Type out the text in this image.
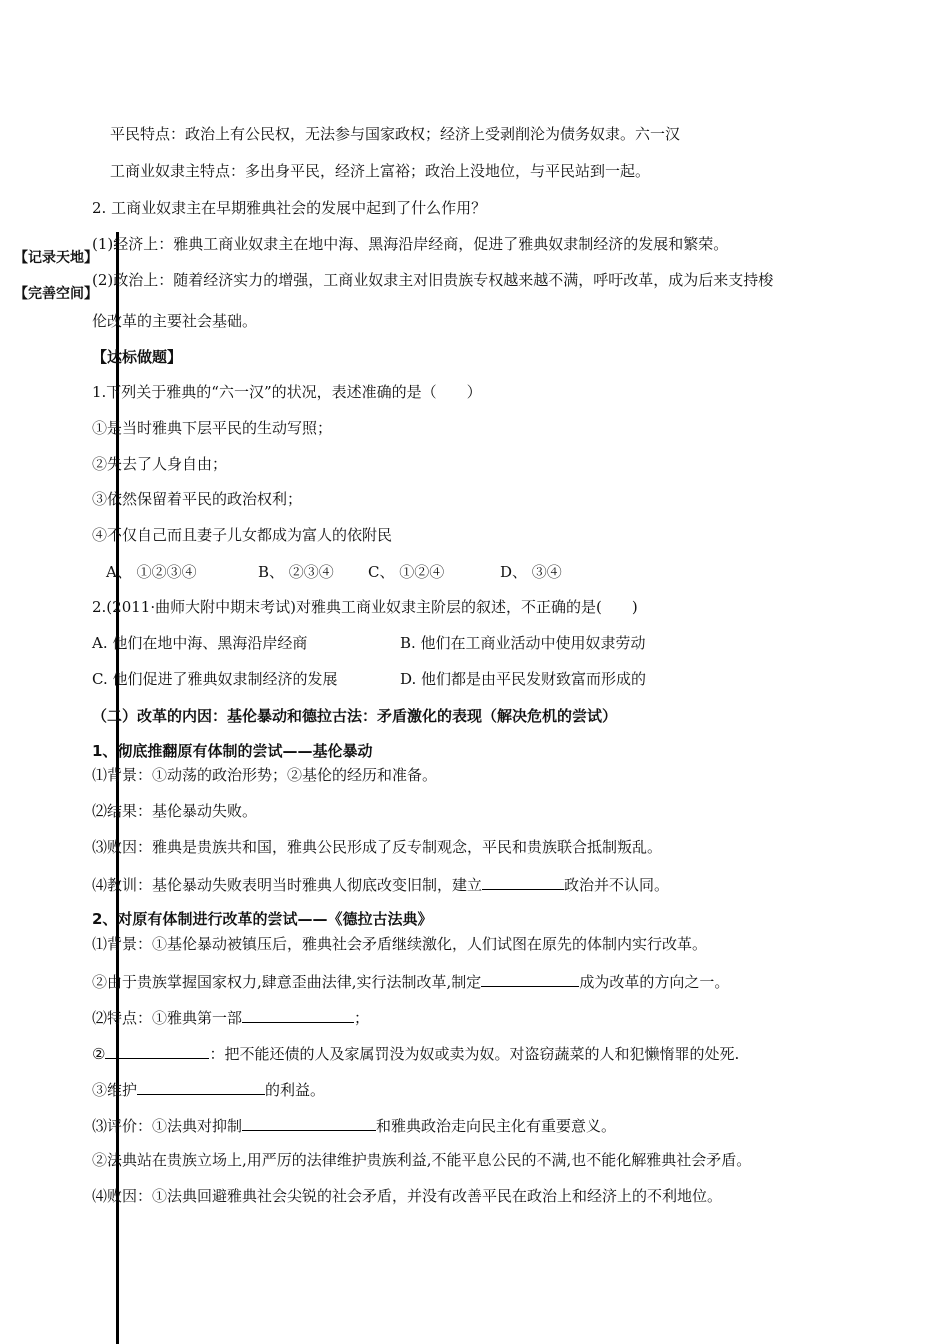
【记录天地】
【完善空间】
平民特点：政治上有公民权，无法参与国家政权；经济上受剥削沦为债务奴隶。六一汉
工商业奴隶主特点：多出身平民，经济上富裕；政治上没地位，与平民站到一起。
2. 工商业奴隶主在早期雅典社会的发展中起到了什么作用？
(1)经济上：雅典工商业奴隶主在地中海、黑海沿岸经商，促进了雅典奴隶制经济的发展和繁荣。
(2)政治上：随着经济实力的增强，工商业奴隶主对旧贵族专权越来越不满，呼吁改革，成为后来支持梭
伦改革的主要社会基础。
【达标做题】
1.下列关于雅典的“六一汉”的状况，表述准确的是（　　）
①是当时雅典下层平民的生动写照；
②失去了人身自由；
③依然保留着平民的政治权利；
④不仅自己而且妻子儿女都成为富人的依附民
A、 ①②③④	B、 ②③④ C、 ①②④	D、 ③④
2.(2011·曲师大附中期末考试)对雅典工商业奴隶主阶层的叙述，不正确的是(　　)
A. 他们在地中海、黑海沿岸经商	B. 他们在工商业活动中使用奴隶劳动
C. 他们促进了雅典奴隶制经济的发展	D. 他们都是由平民发财致富而形成的
（二）改革的内因：基伦暴动和德拉古法：矛盾激化的表现（解决危机的尝试）
1、彻底推翻原有体制的尝试——基伦暴动
⑴背景：①动荡的政治形势；②基伦的经历和准备。
⑵结果：基伦暴动失败。
⑶败因：雅典是贵族共和国，雅典公民形成了反专制观念，平民和贵族联合抵制叛乱。
⑷教训：基伦暴动失败表明当时雅典人彻底改变旧制，建立	政治并不认同。
2、对原有体制进行改革的尝试——《德拉古法典》
⑴背景：①基伦暴动被镇压后，雅典社会矛盾继续激化，人们试图在原先的体制内实行改革。
②由于贵族掌握国家权力,肆意歪曲法律,实行法制改革,制定	成为改革的方向之一。
⑵特点：①雅典第一部	；
②	：把不能还债的人及家属罚没为奴或卖为奴。对盗窃蔬菜的人和犯懒惰罪的处死.
③维护	的利益。
⑶评价：①法典对抑制	和雅典政治走向民主化有重要意义。
②法典站在贵族立场上,用严厉的法律维护贵族利益,不能平息公民的不满,也不能化解雅典社会矛盾。
⑷败因：①法典回避雅典社会尖锐的社会矛盾，并没有改善平民在政治上和经济上的不利地位。
